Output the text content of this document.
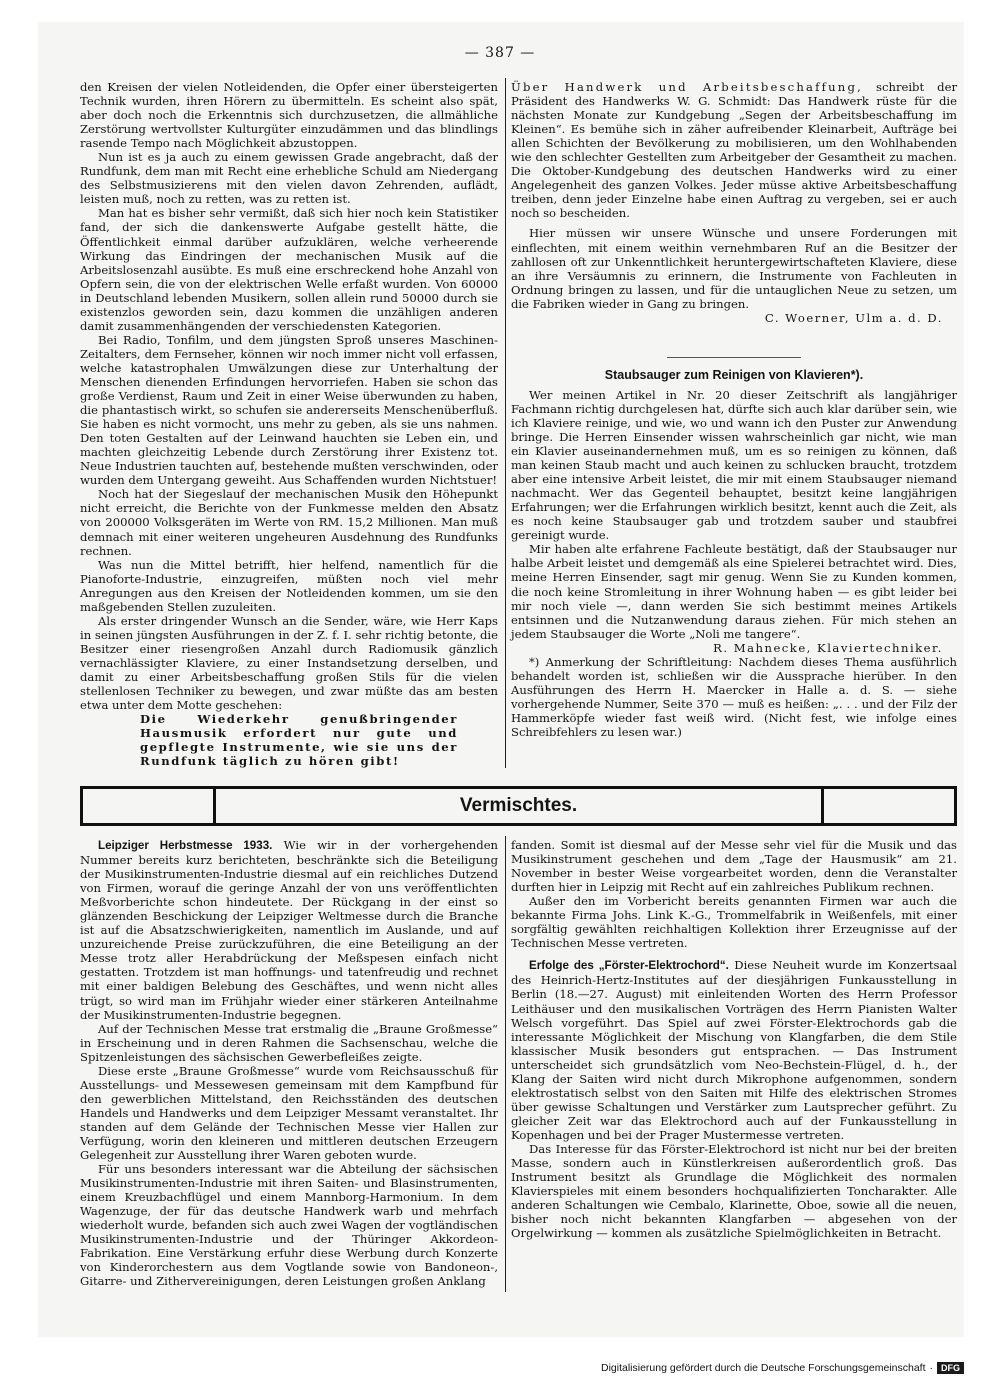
— 387 —

den Kreisen der vielen Notleidenden, die Opfer einer übersteigerten Technik wurden, ihren Hörern zu übermitteln. Es scheint also spät, aber doch noch die Erkenntnis sich durchzusetzen, die allmähliche Zerstörung wertvollster Kulturgüter einzudämmen und das blindlings rasende Tempo nach Möglichkeit abzustoppen.

Nun ist es ja auch zu einem gewissen Grade angebracht, daß der Rundfunk, dem man mit Recht eine erhebliche Schuld am Niedergang des Selbstmusizierens mit den vielen davon Zehrenden, auflädt, leisten muß, noch zu retten, was zu retten ist.

Man hat es bisher sehr vermißt, daß sich hier noch kein Statistiker fand, der sich die dankenswerte Aufgabe gestellt hätte, die Öffentlichkeit einmal darüber aufzuklären, welche verheerende Wirkung das Eindringen der mechanischen Musik auf die Arbeitslosenzahl ausübte. Es muß eine erschreckend hohe Anzahl von Opfern sein, die von der elektrischen Welle erfaßt wurden. Von 60000 in Deutschland lebenden Musikern, sollen allein rund 50000 durch sie existenzlos geworden sein, dazu kommen die unzähligen anderen damit zusammenhängenden der verschiedensten Kategorien.

Bei Radio, Tonfilm, und dem jüngsten Sproß unseres Maschinen-Zeitalters, dem Fernseher, können wir noch immer nicht voll erfassen, welche katastrophalen Umwälzungen diese zur Unterhaltung der Menschen dienenden Erfindungen hervorriefen. Haben sie schon das große Verdienst, Raum und Zeit in einer Weise überwunden zu haben, die phantastisch wirkt, so schufen sie andererseits Menschenüberfluß. Sie haben es nicht vormocht, uns mehr zu geben, als sie uns nahmen. Den toten Gestalten auf der Leinwand hauchten sie Leben ein, und machten gleichzeitig Lebende durch Zerstörung ihrer Existenz tot. Neue Industrien tauchten auf, bestehende mußten verschwinden, oder wurden dem Untergang geweiht. Aus Schaffenden wurden Nichtstuer!

Noch hat der Siegeslauf der mechanischen Musik den Höhepunkt nicht erreicht, die Berichte von der Funkmesse melden den Absatz von 200000 Volksgeräten im Werte von RM. 15,2 Millionen. Man muß demnach mit einer weiteren ungeheuren Ausdehnung des Rundfunks rechnen.

Was nun die Mittel betrifft, hier helfend, namentlich für die Pianoforte-Industrie, einzugreifen, müßten noch viel mehr Anregungen aus den Kreisen der Notleidenden kommen, um sie den maßgebenden Stellen zuzuleiten.

Als erster dringender Wunsch an die Sender, wäre, wie Herr Kaps in seinen jüngsten Ausführungen in der Z. f. I. sehr richtig betonte, die Besitzer einer riesengroßen Anzahl durch Radiomusik gänzlich vernachlässigter Klaviere, zu einer Instandsetzung derselben, und damit zu einer Arbeitsbeschaffung großen Stils für die vielen stellenlosen Techniker zu bewegen, und zwar müßte das am besten etwa unter dem Motte geschehen:

Die Wiederkehr genußbringender Hausmusik erfordert nur gute und gepflegte Instrumente, wie sie uns der Rundfunk täglich zu hören gibt!

Über Handwerk und Arbeitsbeschaffung, schreibt der Präsident des Handwerks W. G. Schmidt: Das Handwerk rüste für die nächsten Monate zur Kundgebung „Segen der Arbeitsbeschaffung im Kleinen“. Es bemühe sich in zäher aufreibender Kleinarbeit, Aufträge bei allen Schichten der Bevölkerung zu mobilisieren, um den Wohlhabenden wie den schlechter Gestellten zum Arbeitgeber der Gesamtheit zu machen. Die Oktober-Kundgebung des deutschen Handwerks wird zu einer Angelegenheit des ganzen Volkes. Jeder müsse aktive Arbeitsbeschaffung treiben, denn jeder Einzelne habe einen Auftrag zu vergeben, sei er auch noch so bescheiden.

Hier müssen wir unsere Wünsche und unsere Forderungen mit einflechten, mit einem weithin vernehmbaren Ruf an die Besitzer der zahllosen oft zur Unkenntlichkeit heruntergewirtschafteten Klaviere, diese an ihre Versäumnis zu erinnern, die Instrumente von Fachleuten in Ordnung bringen zu lassen, und für die untauglichen Neue zu setzen, um die Fabriken wieder in Gang zu bringen.

C. Woerner, Ulm a. d. D.

Staubsauger zum Reinigen von Klavieren*).

Wer meinen Artikel in Nr. 20 dieser Zeitschrift als langjähriger Fachmann richtig durchgelesen hat, dürfte sich auch klar darüber sein, wie ich Klaviere reinige, und wie, wo und wann ich den Puster zur Anwendung bringe. Die Herren Einsender wissen wahrscheinlich gar nicht, wie man ein Klavier auseinandernehmen muß, um es so reinigen zu können, daß man keinen Staub macht und auch keinen zu schlucken braucht, trotzdem aber eine intensive Arbeit leistet, die mir mit einem Staubsauger niemand nachmacht. Wer das Gegenteil behauptet, besitzt keine langjährigen Erfahrungen; wer die Erfahrungen wirklich besitzt, kennt auch die Zeit, als es noch keine Staubsauger gab und trotzdem sauber und staubfrei gereinigt wurde.

Mir haben alte erfahrene Fachleute bestätigt, daß der Staubsauger nur halbe Arbeit leistet und demgemäß als eine Spielerei betrachtet wird. Dies, meine Herren Einsender, sagt mir genug. Wenn Sie zu Kunden kommen, die noch keine Stromleitung in ihrer Wohnung haben — es gibt leider bei mir noch viele —, dann werden Sie sich bestimmt meines Artikels entsinnen und die Nutzanwendung daraus ziehen. Für mich stehen an jedem Staubsauger die Worte „Noli me tangere“.

R. Mahnecke, Klaviertechniker.

*) Anmerkung der Schriftleitung: Nachdem dieses Thema ausführlich behandelt worden ist, schließen wir die Aussprache hierüber. In den Ausführungen des Herrn H. Maercker in Halle a. d. S. — siehe vorhergehende Nummer, Seite 370 — muß es heißen: „. . . und der Filz der Hammerköpfe wieder fast weiß wird. (Nicht fest, wie infolge eines Schreibfehlers zu lesen war.)

Vermischtes.

Leipziger Herbstmesse 1933. Wie wir in der vorhergehenden Nummer bereits kurz berichteten, beschränkte sich die Beteiligung der Musikinstrumenten-Industrie diesmal auf ein reichliches Dutzend von Firmen, worauf die geringe Anzahl der von uns veröffentlichten Meßvorberichte schon hindeutete. Der Rückgang in der einst so glänzenden Beschickung der Leipziger Weltmesse durch die Branche ist auf die Absatzschwierigkeiten, namentlich im Auslande, und auf unzureichende Preise zurückzuführen, die eine Beteiligung an der Messe trotz aller Herabdrückung der Meßspesen einfach nicht gestatten. Trotzdem ist man hoffnungs- und tatenfreudig und rechnet mit einer baldigen Belebung des Geschäftes, und wenn nicht alles trügt, so wird man im Frühjahr wieder einer stärkeren Anteilnahme der Musikinstrumenten-Industrie begegnen.

Auf der Technischen Messe trat erstmalig die „Braune Großmesse“ in Erscheinung und in deren Rahmen die Sachsenschau, welche die Spitzenleistungen des sächsischen Gewerbefleißes zeigte.

Diese erste „Braune Großmesse“ wurde vom Reichsausschuß für Ausstellungs- und Messewesen gemeinsam mit dem Kampfbund für den gewerblichen Mittelstand, den Reichsständen des deutschen Handels und Handwerks und dem Leipziger Messamt veranstaltet. Ihr standen auf dem Gelände der Technischen Messe vier Hallen zur Verfügung, worin den kleineren und mittleren deutschen Erzeugern Gelegenheit zur Ausstellung ihrer Waren geboten wurde.

Für uns besonders interessant war die Abteilung der sächsischen Musikinstrumenten-Industrie mit ihren Saiten- und Blasinstrumenten, einem Kreuzbachflügel und einem Mannborg-Harmonium. In dem Wagenzuge, der für das deutsche Handwerk warb und mehrfach wiederholt wurde, befanden sich auch zwei Wagen der vogtländischen Musikinstrumenten-Industrie und der Thüringer Akkordeon-Fabrikation. Eine Verstärkung erfuhr diese Werbung durch Konzerte von Kinderorchestern aus dem Vogtlande sowie von Bandoneon-, Gitarre- und Zithervereinigungen, deren Leistungen großen Anklang

fanden. Somit ist diesmal auf der Messe sehr viel für die Musik und das Musikinstrument geschehen und dem „Tage der Hausmusik“ am 21. November in bester Weise vorgearbeitet worden, denn die Veranstalter durften hier in Leipzig mit Recht auf ein zahlreiches Publikum rechnen.

Außer den im Vorbericht bereits genannten Firmen war auch die bekannte Firma Johs. Link K.-G., Trommelfabrik in Weißenfels, mit einer sorgfältig gewählten reichhaltigen Kollektion ihrer Erzeugnisse auf der Technischen Messe vertreten.

Erfolge des „Förster-Elektrochord“. Diese Neuheit wurde im Konzertsaal des Heinrich-Hertz-Institutes auf der diesjährigen Funkausstellung in Berlin (18.—27. August) mit einleitenden Worten des Herrn Professor Leithäuser und den musikalischen Vorträgen des Herrn Pianisten Walter Welsch vorgeführt. Das Spiel auf zwei Förster-Elektrochords gab die interessante Möglichkeit der Mischung von Klangfarben, die dem Stile klassischer Musik besonders gut entsprachen. — Das Instrument unterscheidet sich grundsätzlich vom Neo-Bechstein-Flügel, d. h., der Klang der Saiten wird nicht durch Mikrophone aufgenommen, sondern elektrostatisch selbst von den Saiten mit Hilfe des elektrischen Stromes über gewisse Schaltungen und Verstärker zum Lautsprecher geführt. Zu gleicher Zeit war das Elektrochord auch auf der Funkausstellung in Kopenhagen und bei der Prager Mustermesse vertreten.

Das Interesse für das Förster-Elektrochord ist nicht nur bei der breiten Masse, sondern auch in Künstlerkreisen außerordentlich groß. Das Instrument besitzt als Grundlage die Möglichkeit des normalen Klavierspieles mit einem besonders hochqualifizierten Toncharakter. Alle anderen Schaltungen wie Cembalo, Klarinette, Oboe, sowie all die neuen, bisher noch nicht bekannten Klangfarben — abgesehen von der Orgelwirkung — kommen als zusätzliche Spielmöglichkeiten in Betracht.

Digitalisierung gefördert durch die Deutsche Forschungsgemeinschaft · DFG
